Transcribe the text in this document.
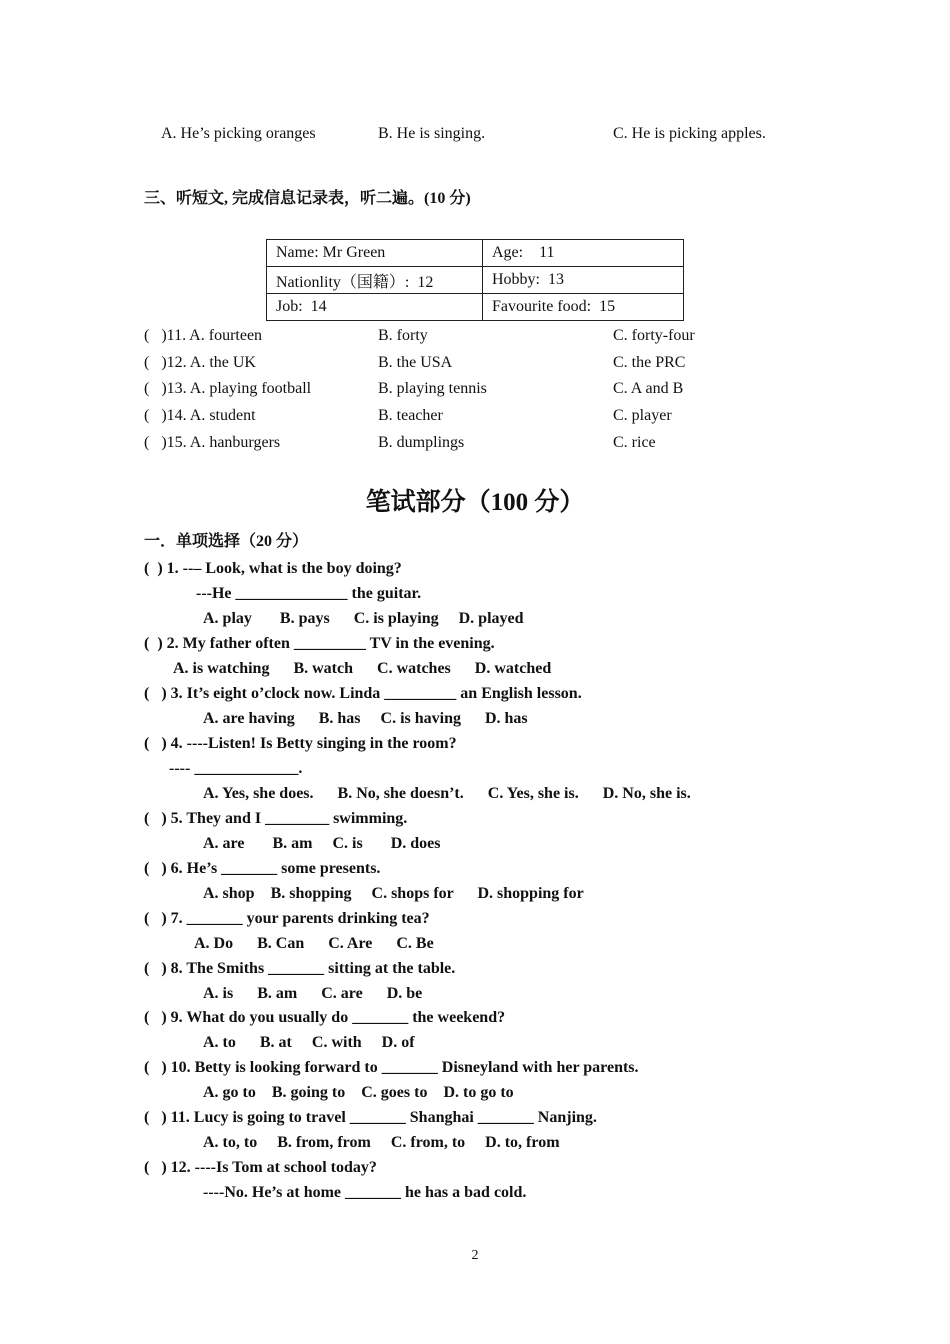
A. He’s picking oranges	B. He is singing.	C. He is picking apples.
三、听短文, 完成信息记录表，听二遍。(10 分)
Name: Mr Green	Age:    11
Nationlity（国籍）:  12	Hobby:  13
Job:  14	Favourite food:  15
(   )11. A. fourteen	B. forty	C. forty-four
(   )12. A. the UK	B. the USA	C. the PRC
(   )13. A. playing football	B. playing tennis	C. A and B
(   )14. A. student	B. teacher	C. player
(   )15. A. hanburgers	B. dumplings	C. rice
笔试部分（100 分）
一．单项选择（20 分）
(  ) 1. --– Look, what is the boy doing?
---He ______________ the guitar.
A. play       B. pays      C. is playing     D. played
(  ) 2. My father often _________ TV in the evening.
A. is watching      B. watch      C. watches      D. watched
(   ) 3. It’s eight o’clock now. Linda _________ an English lesson.
A. are having      B. has     C. is having      D. has
(   ) 4. ----Listen! Is Betty singing in the room?
---- _____________.
A. Yes, she does.      B. No, she doesn’t.      C. Yes, she is.      D. No, she is.
(   ) 5. They and I ________ swimming.
A. are       B. am     C. is       D. does
(   ) 6. He’s _______ some presents.
A. shop    B. shopping     C. shops for      D. shopping for
(   ) 7. _______ your parents drinking tea?
A. Do      B. Can      C. Are      C. Be
(   ) 8. The Smiths _______ sitting at the table.
A. is      B. am      C. are      D. be
(   ) 9. What do you usually do _______ the weekend?
A. to      B. at     C. with     D. of
(   ) 10. Betty is looking forward to _______ Disneyland with her parents.
A. go to    B. going to    C. goes to    D. to go to
(   ) 11. Lucy is going to travel _______ Shanghai _______ Nanjing.
A. to, to     B. from, from     C. from, to     D. to, from
(   ) 12. ----Is Tom at school today?
----No. He’s at home _______ he has a bad cold.
2
